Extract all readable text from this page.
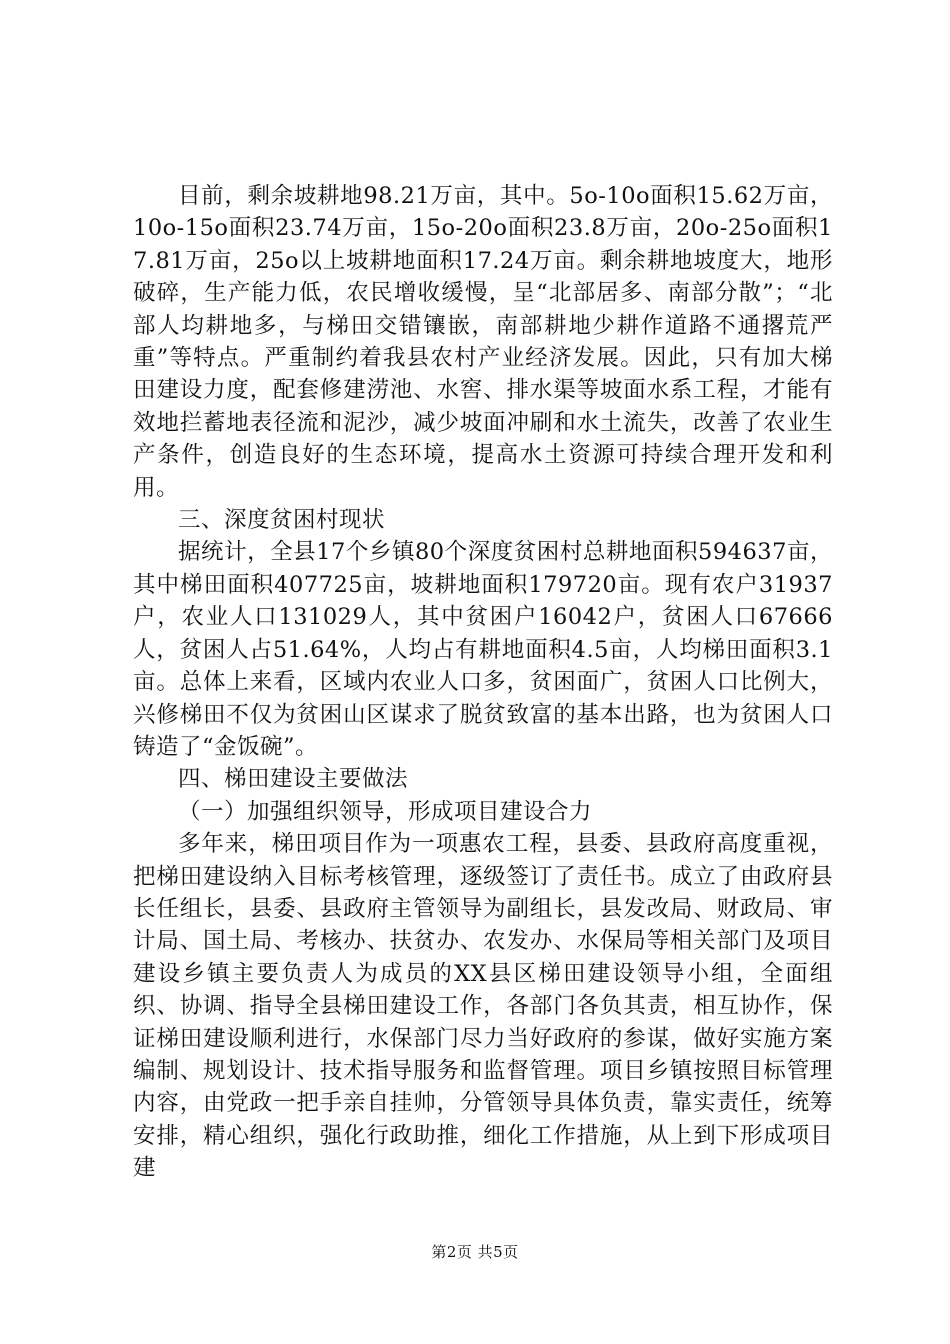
目前，剩余坡耕地98.21万亩，其中。5o-10o面积15.62万亩，10o-15o面积23.74万亩，15o-20o面积23.8万亩，20o-25o面积17.81万亩，25o以上坡耕地面积17.24万亩。剩余耕地坡度大，地形破碎，生产能力低，农民增收缓慢，呈“北部居多、南部分散”；“北部人均耕地多，与梯田交错镶嵌，南部耕地少耕作道路不通撂荒严重”等特点。严重制约着我县农村产业经济发展。因此，只有加大梯田建设力度，配套修建涝池、水窖、排水渠等坡面水系工程，才能有效地拦蓄地表径流和泥沙，减少坡面冲刷和水土流失，改善了农业生产条件，创造良好的生态环境，提高水土资源可持续合理开发和利用。

三、深度贫困村现状

据统计，全县17个乡镇80个深度贫困村总耕地面积594637亩，其中梯田面积407725亩，坡耕地面积179720亩。现有农户31937户，农业人口131029人，其中贫困户16042户，贫困人口67666人，贫困人占51.64%，人均占有耕地面积4.5亩，人均梯田面积3.1亩。总体上来看，区域内农业人口多，贫困面广，贫困人口比例大，兴修梯田不仅为贫困山区谋求了脱贫致富的基本出路，也为贫困人口铸造了“金饭碗”。

四、梯田建设主要做法

（一）加强组织领导，形成项目建设合力

多年来，梯田项目作为一项惠农工程，县委、县政府高度重视，把梯田建设纳入目标考核管理，逐级签订了责任书。成立了由政府县长任组长，县委、县政府主管领导为副组长，县发改局、财政局、审计局、国土局、考核办、扶贫办、农发办、水保局等相关部门及项目建设乡镇主要负责人为成员的XX县区梯田建设领导小组，全面组织、协调、指导全县梯田建设工作，各部门各负其责，相互协作，保证梯田建设顺利进行，水保部门尽力当好政府的参谋，做好实施方案编制、规划设计、技术指导服务和监督管理。项目乡镇按照目标管理内容，由党政一把手亲自挂帅，分管领导具体负责，靠实责任，统筹安排，精心组织，强化行政助推，细化工作措施，从上到下形成项目建

第2页 共5页
